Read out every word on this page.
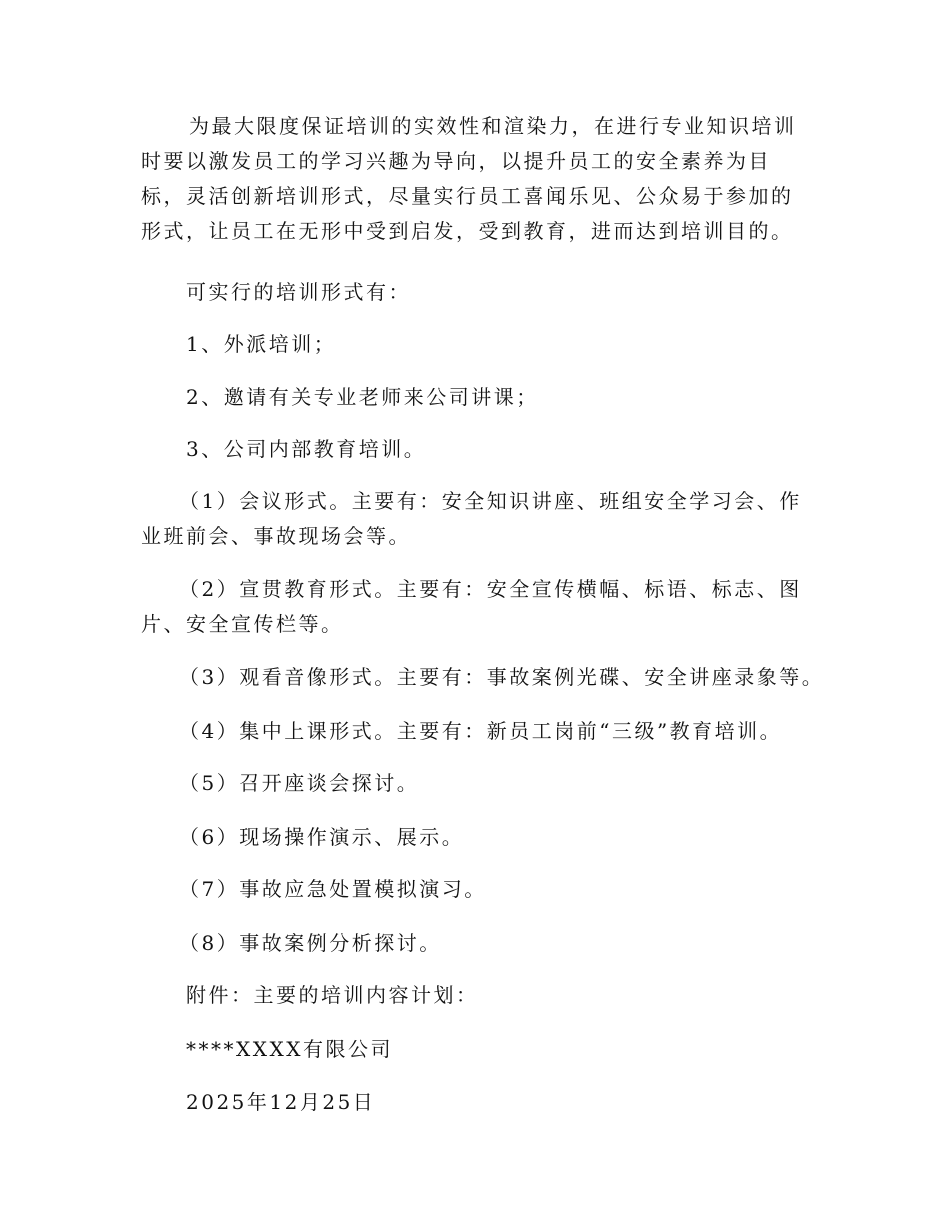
为最大限度保证培训的实效性和渲染力，在进行专业知识培训时要以激发员工的学习兴趣为导向，以提升员工的安全素养为目标，灵活创新培训形式，尽量实行员工喜闻乐见、公众易于参加的形式，让员工在无形中受到启发，受到教育，进而达到培训目的。

可实行的培训形式有：

1、外派培训；

2、邀请有关专业老师来公司讲课；

3、公司内部教育培训。

（1）会议形式。主要有：安全知识讲座、班组安全学习会、作业班前会、事故现场会等。

（2）宣贯教育形式。主要有：安全宣传横幅、标语、标志、图片、安全宣传栏等。

（3）观看音像形式。主要有：事故案例光碟、安全讲座录象等。

（4）集中上课形式。主要有：新员工岗前“三级”教育培训。

（5）召开座谈会探讨。

（6）现场操作演示、展示。

（7）事故应急处置模拟演习。

（8）事故案例分析探讨。

附件：主要的培训内容计划：

****XXXX有限公司

2025年12月25日
